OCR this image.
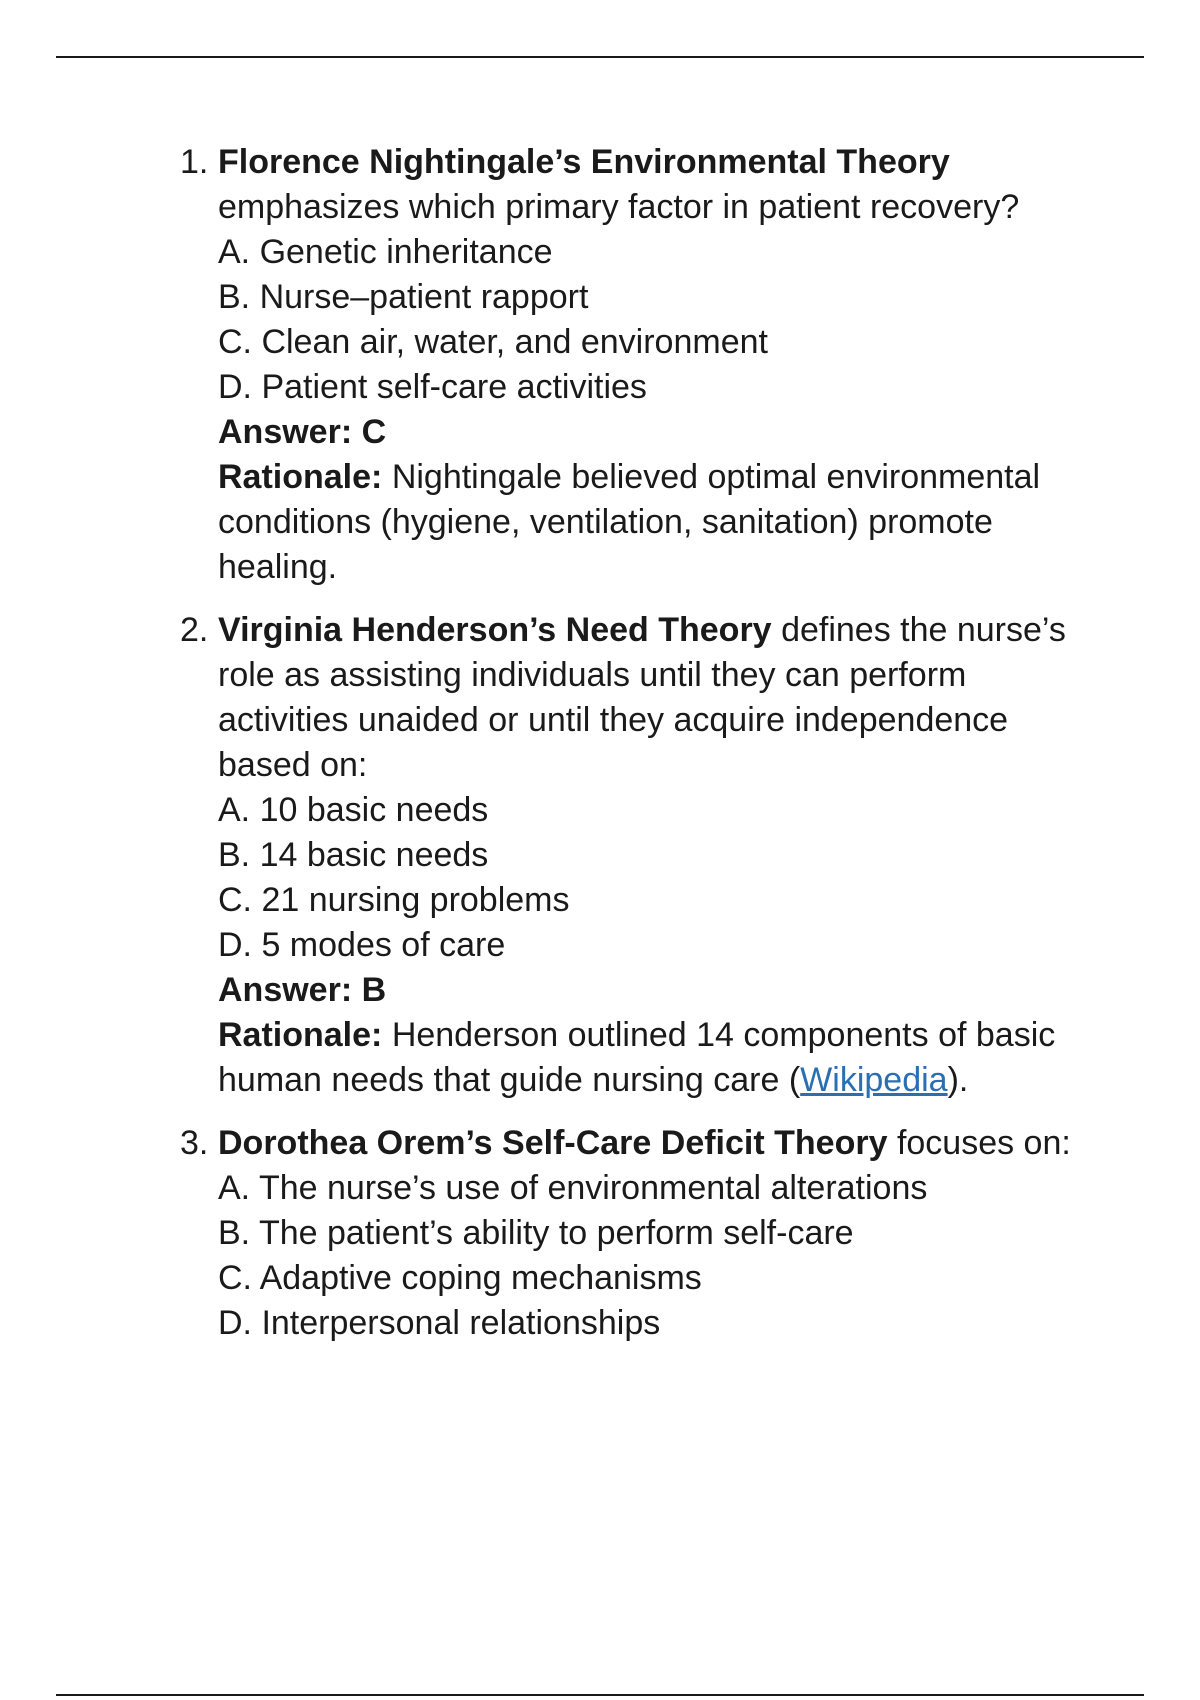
1. Florence Nightingale’s Environmental Theory emphasizes which primary factor in patient recovery?
A. Genetic inheritance
B. Nurse–patient rapport
C. Clean air, water, and environment
D. Patient self-care activities
Answer: C
Rationale: Nightingale believed optimal environmental conditions (hygiene, ventilation, sanitation) promote healing.
2. Virginia Henderson’s Need Theory defines the nurse’s role as assisting individuals until they can perform activities unaided or until they acquire independence based on:
A. 10 basic needs
B. 14 basic needs
C. 21 nursing problems
D. 5 modes of care
Answer: B
Rationale: Henderson outlined 14 components of basic human needs that guide nursing care (Wikipedia).
3. Dorothea Orem’s Self-Care Deficit Theory focuses on:
A. The nurse’s use of environmental alterations
B. The patient’s ability to perform self-care
C. Adaptive coping mechanisms
D. Interpersonal relationships
